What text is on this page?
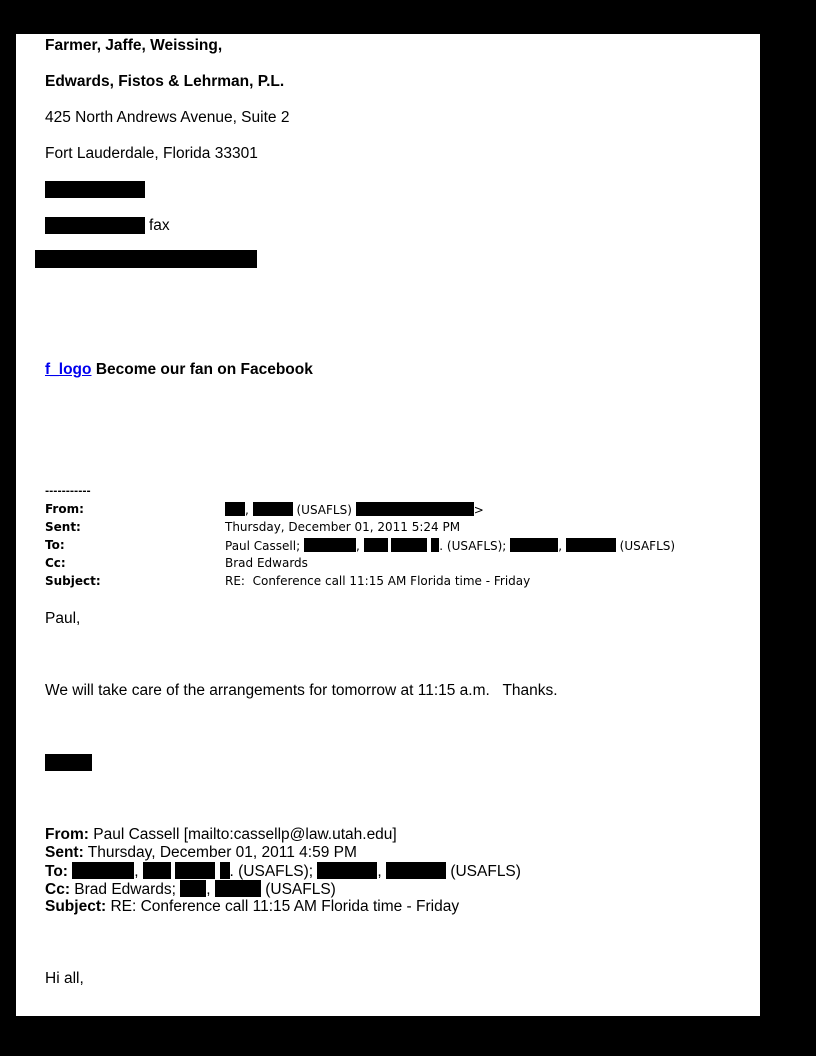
Farmer, Jaffe, Weissing,
Edwards, Fistos & Lehrman, P.L.
425 North Andrews Avenue, Suite 2
Fort Lauderdale, Florida 33301
fax
f_logo Become our fan on Facebook
-----------
From:	,	(USAFLS)	>
Sent:	Thursday, December 01, 2011 5:24 PM
To:	Paul Cassell;	,	. (USAFLS);	,	(USAFLS)
Cc:	Brad Edwards
Subject:	RE:  Conference call 11:15 AM Florida time - Friday
Paul,
We will take care of the arrangements for tomorrow at 11:15 a.m.   Thanks.
From: Paul Cassell [mailto:cassellp@law.utah.edu]
Sent: Thursday, December 01, 2011 4:59 PM
To:	,	. (USAFLS);	,	(USAFLS)
Cc: Brad Edwards; ,	(USAFLS)
Subject: RE: Conference call 11:15 AM Florida time - Friday
Hi all,
